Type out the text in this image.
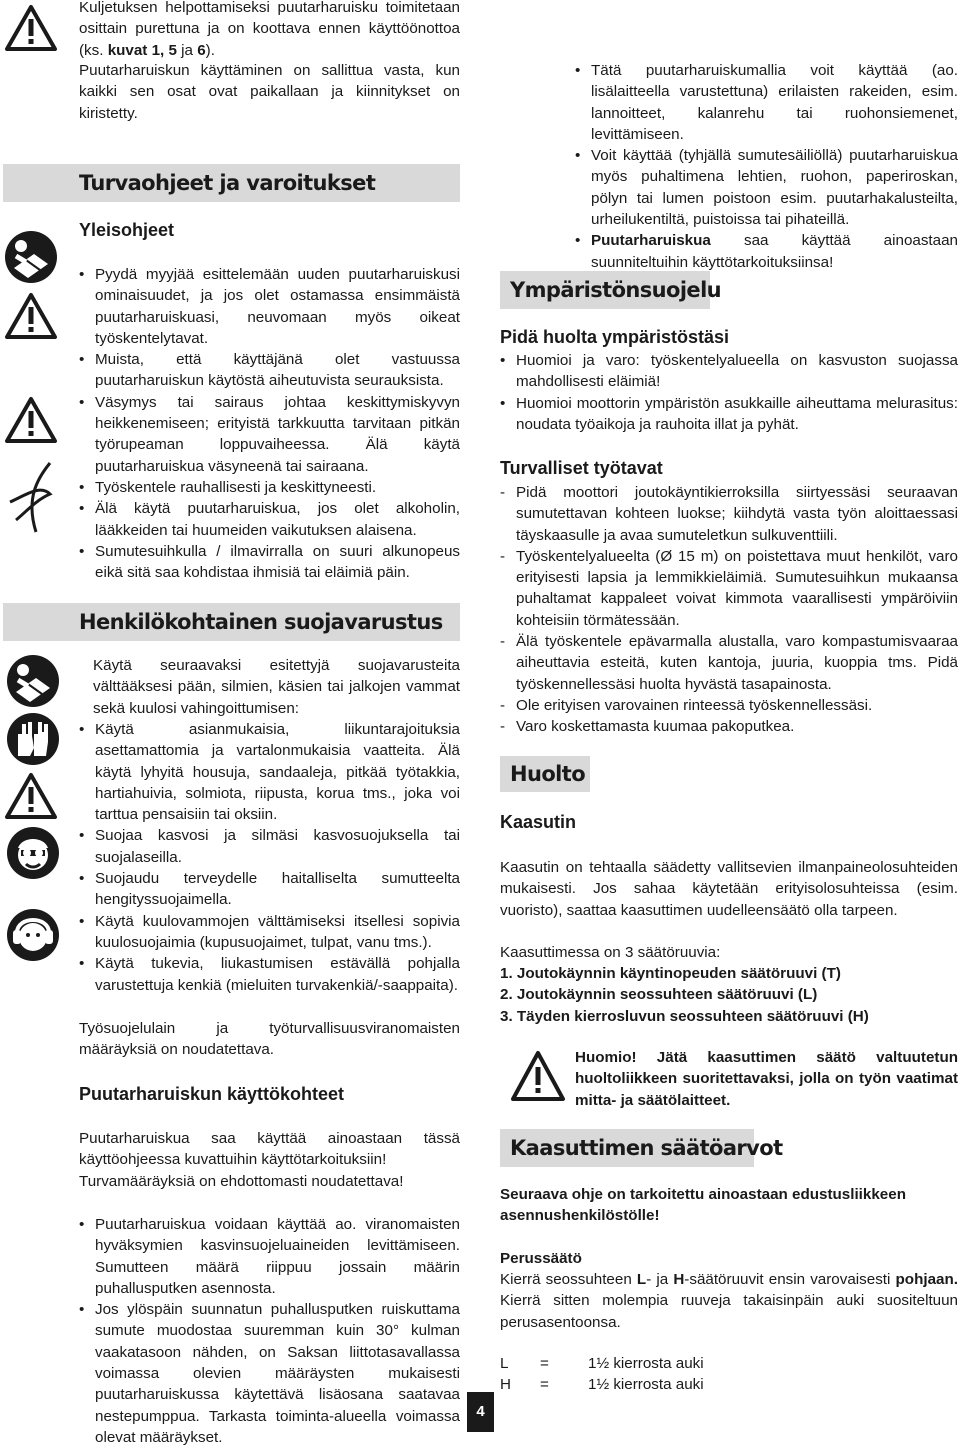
Kuljetuksen helpottamiseksi puutarharuisku toimitetaan osittain purettuna ja on koottava ennen käyttöönottoa (ks. kuvat 1, 5 ja 6).

Puutarharuiskun käyttäminen on sallittua vasta, kun kaikki sen osat ovat paikallaan ja kiinnitykset on kiristetty.

Turvaohjeet ja varoitukset
Yleisohjeet
• Pyydä myyjää esittelemään uuden puutarharuiskusi ominaisuudet, ja jos olet ostamassa ensimmäistä puutarharuiskuasi, neuvomaan myös oikeat työskentelytavat.
• Muista, että käyttäjänä olet vastuussa puutarharuiskun käytöstä aiheutuvista seurauksista.
• Väsymys tai sairaus johtaa keskittymiskyvyn heikkenemiseen; erityistä tarkkuutta tarvitaan pitkän työrupeaman loppuvaiheessa. Älä käytä puutarharuiskua väsyneenä tai sairaana.
• Työskentele rauhallisesti ja keskittyneesti.
• Älä käytä puutarharuiskua, jos olet alkoholin, lääkkeiden tai huumeiden vaikutuksen alaisena.
• Sumutesuihkulla / ilmavirralla on suuri alkunopeus eikä sitä saa kohdistaa ihmisiä tai eläimiä päin.
Henkilökohtainen suojavarustus

Käytä seuraavaksi esitettyjä suojavarusteita välttääksesi pään, silmien, käsien tai jalkojen vammat sekä kuulosi vahingoittumisen:

• Käytä asianmukaisia, liikuntarajoituksia asettamattomia ja vartalonmukaisia vaatteita. Älä käytä lyhyitä housuja, sandaaleja, pitkää työtakkia, hartiahuivia, solmiota, riipusta, korua tms., joka voi tarttua pensaisiin tai oksiin.
• Suojaa kasvosi ja silmäsi kasvosuojuksella tai suojalaseilla.
• Suojaudu terveydelle haitalliselta sumutteelta hengityssuojaimella.
• Käytä kuulovammojen välttämiseksi itsellesi sopivia kuulosuojaimia (kupusuojaimet, tulpat, vanu tms.).
• Käytä tukevia, liukastumisen estävällä pohjalla varustettuja kenkiä (mieluiten turvakenkiä/-saappaita).

Työsuojelulain ja työturvallisuusviranomaisten määräyksiä on noudatettava.

Puutarharuiskun käyttökohteet

Puutarharuiskua saa käyttää ainoastaan tässä käyttöohjeessa kuvattuihin käyttötarkoituksiin!

Turvamääräyksiä on ehdottomasti noudatettava!

• Puutarharuiskua voidaan käyttää ao. viranomaisten hyväksymien kasvinsuojeluaineiden levittämiseen. Sumutteen määrä riippuu jossain määrin puhallusputken asennosta.
• Jos ylöspäin suunnatun puhallusputken ruiskuttama sumute muodostaa suuremman kuin 30° kulman vaakatasoon nähden, on Saksan liittotasavallassa voimassa olevien määräysten mukaisesti puutarharuiskussa käytettävä lisäosana saatavaa nestepumppua. Tarkasta toiminta-alueella voimassa olevat määräykset.
4
• Tätä puutarharuiskumallia voit käyttää (ao. lisälaitteella varustettuna) erilaisten rakeiden, esim. lannoitteet, kalanrehu tai ruohonsiemenet, levittämiseen.
• Voit käyttää (tyhjällä sumutesäiliöllä) puutarharuiskua myös puhaltimena lehtien, ruohon, paperiroskan, pölyn tai lumen poistoon esim. puutarhakalusteilta, urheilukentiltä, puistoissa tai pihateillä.
• Puutarharuiskua saa käyttää ainoastaan suunniteltuihin käyttötarkoituksiinsa!
Ympäristönsuojelu
Pidä huolta ympäristöstäsi
• Huomioi ja varo: työskentelyalueella on kasvuston suojassa mahdollisesti eläimiä!
• Huomioi moottorin ympäristön asukkaille aiheuttama melurasitus: noudata työaikoja ja rauhoita illat ja pyhät.
Turvalliset työtavat
- Pidä moottori joutokäyntikierroksilla siirtyessäsi seuraavan sumutettavan kohteen luokse; kiihdytä vasta työn aloittaessasi täyskaasulle ja avaa sumuteletkun sulkuventtiili.
- Työskentelyalueelta (Ø 15 m) on poistettava muut henkilöt, varo erityisesti lapsia ja lemmikkieläimiä. Sumutesuihkun mukaansa puhaltamat kappaleet voivat kimmota vaarallisesti ympäröiviin kohteisiin törmätessään.
- Älä työskentele epävarmalla alustalla, varo kompastumisvaaraa aiheuttavia esteitä, kuten kantoja, juuria, kuoppia tms. Pidä työskennellessäsi huolta hyvästä tasapainosta.
- Ole erityisen varovainen rinteessä työskennellessäsi.
- Varo koskettamasta kuumaa pakoputkea.
Huolto
Kaasutin

Kaasutin on tehtaalla säädetty vallitsevien ilmanpaineolosuhteiden mukaisesti. Jos sahaa käytetään erityisolosuhteissa (esim. vuoristo), saattaa kaasuttimen uudelleensäätö olla tarpeen.

Kaasuttimessa on 3 säätöruuvia:

1. Joutokäynnin käyntinopeuden säätöruuvi (T)
2. Joutokäynnin seossuhteen säätöruuvi (L)
3. Täyden kierrosluvun seossuhteen säätöruuvi (H)

Huomio! Jätä kaasuttimen säätö valtuutetun huoltoliikkeen suoritettavaksi, jolla on työn vaatimat mitta- ja säätölaitteet.

Kaasuttimen säätöarvot

Seuraava ohje on tarkoitettu ainoastaan edustusliikkeen asennushenkilöstölle!

Perussäätö

Kierrä seossuhteen L- ja H-säätöruuvit ensin varovaisesti pohjaan. Kierrä sitten molempia ruuveja takaisinpäin auki suositeltuun perusasentoonsa.

L =	1½ kierrosta auki
H =	1½ kierrosta auki
